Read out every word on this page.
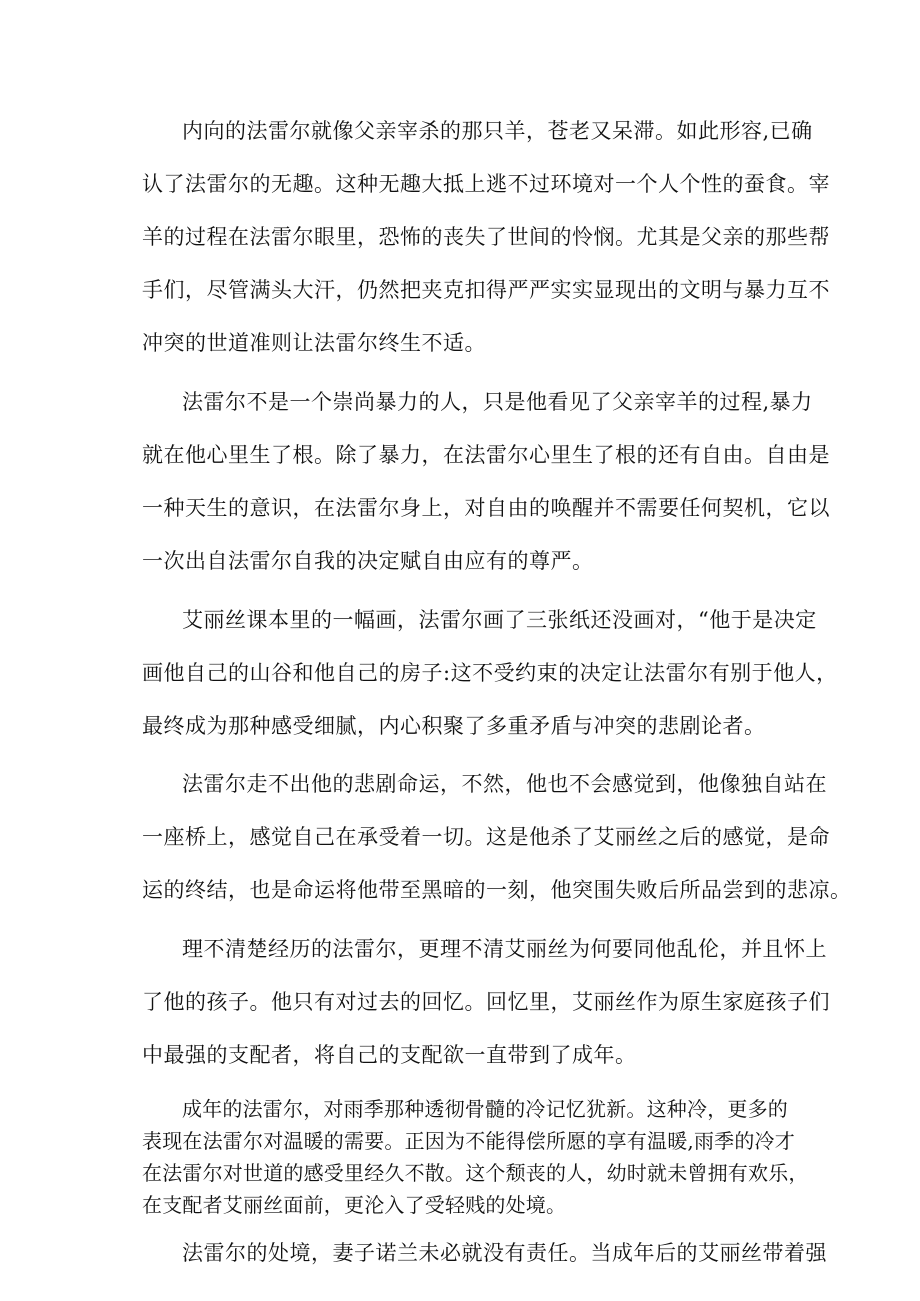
内向的法雷尔就像父亲宰杀的那只羊，苍老又呆滞。如此形容,已确
认了法雷尔的无趣。这种无趣大抵上逃不过环境对一个人个性的蚕食。宰
羊的过程在法雷尔眼里，恐怖的丧失了世间的怜悯。尤其是父亲的那些帮
手们，尽管满头大汗，仍然把夹克扣得严严实实显现出的文明与暴力互不
冲突的世道准则让法雷尔终生不适。
法雷尔不是一个崇尚暴力的人，只是他看见了父亲宰羊的过程,暴力
就在他心里生了根。除了暴力，在法雷尔心里生了根的还有自由。自由是
一种天生的意识，在法雷尔身上，对自由的唤醒并不需要任何契机，它以
一次出自法雷尔自我的决定赋自由应有的尊严。
艾丽丝课本里的一幅画，法雷尔画了三张纸还没画对，“他于是决定
画他自己的山谷和他自己的房子:这不受约束的决定让法雷尔有别于他人，
最终成为那种感受细腻，内心积聚了多重矛盾与冲突的悲剧论者。
法雷尔走不出他的悲剧命运，不然，他也不会感觉到，他像独自站在
一座桥上，感觉自己在承受着一切。这是他杀了艾丽丝之后的感觉，是命
运的终结，也是命运将他带至黑暗的一刻，他突围失败后所品尝到的悲凉。
理不清楚经历的法雷尔，更理不清艾丽丝为何要同他乱伦，并且怀上
了他的孩子。他只有对过去的回忆。回忆里，艾丽丝作为原生家庭孩子们
中最强的支配者，将自己的支配欲一直带到了成年。
成年的法雷尔，对雨季那种透彻骨髓的冷记忆犹新。这种冷，更多的
表现在法雷尔对温暖的需要。正因为不能得偿所愿的享有温暖,雨季的冷才
在法雷尔对世道的感受里经久不散。这个颓丧的人，幼时就未曾拥有欢乐，
在支配者艾丽丝面前，更沦入了受轻贱的处境。
法雷尔的处境，妻子诺兰未必就没有责任。当成年后的艾丽丝带着强
